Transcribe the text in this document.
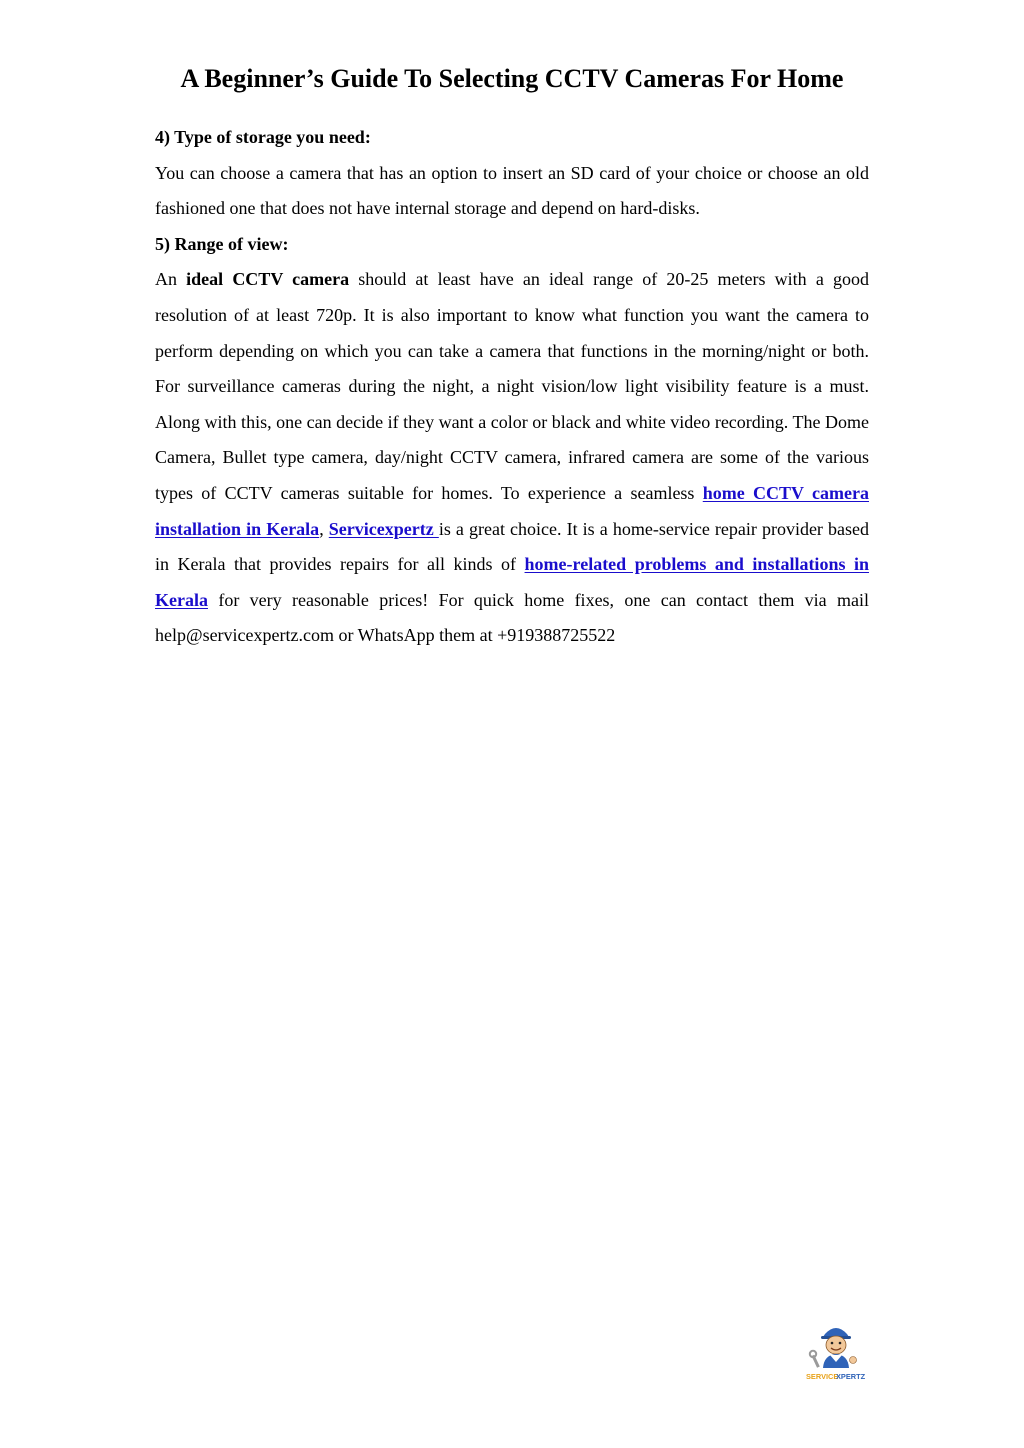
A Beginner’s Guide To Selecting CCTV Cameras For Home

4) Type of storage you need:

You can choose a camera that has an option to insert an SD card of your choice or choose an old fashioned one that does not have internal storage and depend on hard-disks.

5) Range of view:

An ideal CCTV camera should at least have an ideal range of 20-25 meters with a good resolution of at least 720p. It is also important to know what function you want the camera to perform depending on which you can take a camera that functions in the morning/night or both. For surveillance cameras during the night, a night vision/low light visibility feature is a must. Along with this, one can decide if they want a color or black and white video recording. The Dome Camera, Bullet type camera, day/night CCTV camera, infrared camera are some of the various types of CCTV cameras suitable for homes. To experience a seamless home CCTV camera installation in Kerala, Servicexpertz is a great choice. It is a home-service repair provider based in Kerala that provides repairs for all kinds of home-related problems and installations in Kerala for very reasonable prices! For quick home fixes, one can contact them via mail help@servicexpertz.com or WhatsApp them at +919388725522

SERVICE
XPERTZ
